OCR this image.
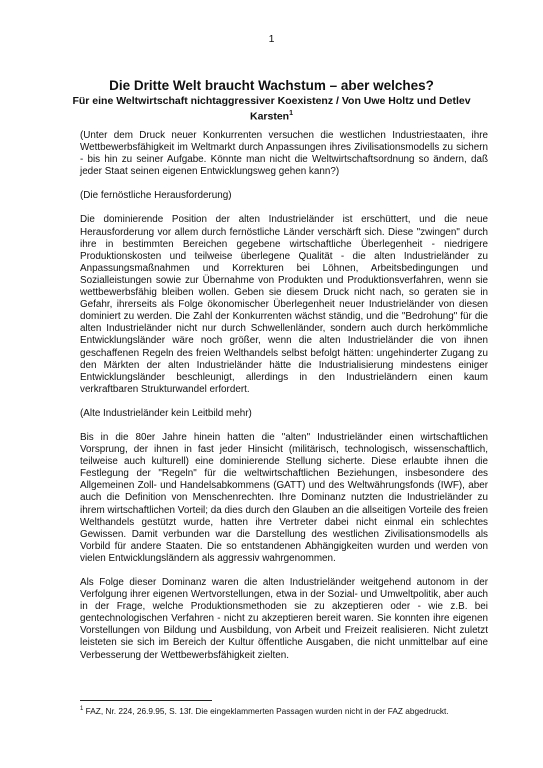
1
Die Dritte Welt braucht Wachstum – aber welches?

Für eine Weltwirtschaft nichtaggressiver Koexistenz / Von Uwe Holtz und Detlev Karsten$^1$

(Unter dem Druck neuer Konkurrenten versuchen die westlichen Industriestaaten, ihre Wettbewerbsfähigkeit im Weltmarkt durch Anpassungen ihres Zivilisationsmodells zu sichern - bis hin zu seiner Aufgabe. Könnte man nicht die Weltwirtschaftsordnung so ändern, daß jeder Staat seinen eigenen Entwicklungsweg gehen kann?)

(Die fernöstliche Herausforderung)

Die dominierende Position der alten Industrieländer ist erschüttert, und die neue Herausforderung vor allem durch fernöstliche Länder verschärft sich. Diese "zwingen" durch ihre in bestimmten Bereichen gegebene wirtschaftliche Überlegenheit - niedrigere Produktionskosten und teilweise überlegene Qualität - die alten Industrieländer zu Anpassungsmaßnahmen und Korrekturen bei Löhnen, Arbeitsbedingungen und Sozialleistungen sowie zur Übernahme von Produkten und Produktionsverfahren, wenn sie wettbewerbsfähig bleiben wollen. Geben sie diesem Druck nicht nach, so geraten sie in Gefahr, ihrerseits als Folge ökonomischer Überlegenheit neuer Industrieländer von diesen dominiert zu werden. Die Zahl der Konkurrenten wächst ständig, und die "Bedrohung" für die alten Industrieländer nicht nur durch Schwellenländer, sondern auch durch herkömmliche Entwicklungsländer wäre noch größer, wenn die alten Industrieländer die von ihnen geschaffenen Regeln des freien Welthandels selbst befolgt hätten: ungehinderter Zugang zu den Märkten der alten Industrieländer hätte die Industrialisierung mindestens einiger Entwicklungsländer beschleunigt, allerdings in den Industrieländern einen kaum verkraftbaren Strukturwandel erfordert.

(Alte Industrieländer kein Leitbild mehr)

Bis in die 80er Jahre hinein hatten die "alten" Industrieländer einen wirtschaftlichen Vorsprung, der ihnen in fast jeder Hinsicht (militärisch, technologisch, wissenschaftlich, teilweise auch kulturell) eine dominierende Stellung sicherte. Diese erlaubte ihnen die Festlegung der "Regeln" für die weltwirtschaftlichen Beziehungen, insbesondere des Allgemeinen Zoll- und Handelsabkommens (GATT) und des Weltwährungsfonds (IWF), aber auch die Definition von Menschenrechten. Ihre Dominanz nutzten die Industrieländer zu ihrem wirtschaftlichen Vorteil; da dies durch den Glauben an die allseitigen Vorteile des freien Welthandels gestützt wurde, hatten ihre Vertreter dabei nicht einmal ein schlechtes Gewissen. Damit verbunden war die Darstellung des westlichen Zivilisationsmodells als Vorbild für andere Staaten. Die so entstandenen Abhängigkeiten wurden und werden von vielen Entwicklungsländern als aggressiv wahrgenommen.

Als Folge dieser Dominanz waren die alten Industrieländer weitgehend autonom in der Verfolgung ihrer eigenen Wertvorstellungen, etwa in der Sozial- und Umweltpolitik, aber auch in der Frage, welche Produktionsmethoden sie zu akzeptieren oder - wie z.B. bei gentechnologischen Verfahren - nicht zu akzeptieren bereit waren. Sie konnten ihre eigenen Vorstellungen von Bildung und Ausbildung, von Arbeit und Freizeit realisieren. Nicht zuletzt leisteten sie sich im Bereich der Kultur öffentliche Ausgaben, die nicht unmittelbar auf eine Verbesserung der Wettbewerbsfähigkeit zielten.

$^1$ FAZ, Nr. 224, 26.9.95, S. 13f. Die eingeklammerten Passagen wurden nicht in der FAZ abgedruckt.
